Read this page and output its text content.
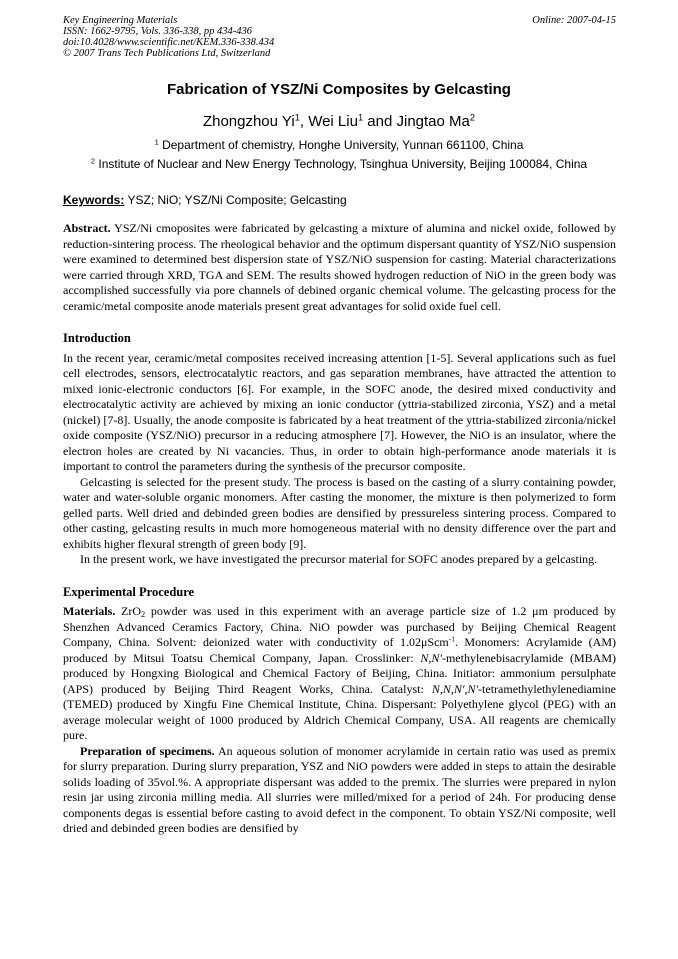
Key Engineering Materials
ISSN: 1662-9795, Vols. 336-338, pp 434-436
doi:10.4028/www.scientific.net/KEM.336-338.434
© 2007 Trans Tech Publications Ltd, Switzerland
Online: 2007-04-15
Fabrication of YSZ/Ni Composites by Gelcasting
Zhongzhou Yi$^1$, Wei Liu$^1$ and Jingtao Ma$^2$
$^1$ Department of chemistry, Honghe University, Yunnan 661100, China
$^2$ Institute of Nuclear and New Energy Technology, Tsinghua University, Beijing 100084, China
Keywords: YSZ; NiO; YSZ/Ni Composite; Gelcasting

Abstract. YSZ/Ni cmoposites were fabricated by gelcasting a mixture of alumina and nickel oxide, followed by reduction-sintering process. The rheological behavior and the optimum dispersant quantity of YSZ/NiO suspension were examined to determined best dispersion state of YSZ/NiO suspension for casting. Material characterizations were carried through XRD, TGA and SEM. The results showed hydrogen reduction of NiO in the green body was accomplished successfully via pore channels of debined organic chemical volume. The gelcasting process for the ceramic/metal composite anode materials present great advantages for solid oxide fuel cell.

Introduction

In the recent year, ceramic/metal composites received increasing attention [1-5]. Several applications such as fuel cell electrodes, sensors, electrocatalytic reactors, and gas separation membranes, have attracted the attention to mixed ionic-electronic conductors [6]. For example, in the SOFC anode, the desired mixed conductivity and electrocatalytic activity are achieved by mixing an ionic conductor (yttria-stabilized zirconia, YSZ) and a metal (nickel) [7-8]. Usually, the anode composite is fabricated by a heat treatment of the yttria-stabilized zirconia/nickel oxide composite (YSZ/NiO) precursor in a reducing atmosphere [7]. However, the NiO is an insulator, where the electron holes are created by Ni vacancies. Thus, in order to obtain high-performance anode materials it is important to control the parameters during the synthesis of the precursor composite.

Gelcasting is selected for the present study. The process is based on the casting of a slurry containing powder, water and water-soluble organic monomers. After casting the monomer, the mixture is then polymerized to form gelled parts. Well dried and debinded green bodies are densified by pressureless sintering process. Compared to other casting, gelcasting results in much more homogeneous material with no density difference over the part and exhibits higher flexural strength of green body [9].

In the present work, we have investigated the precursor material for SOFC anodes prepared by a gelcasting.

Experimental Procedure

Materials. ZrO$_2$ powder was used in this experiment with an average particle size of 1.2 μm produced by Shenzhen Advanced Ceramics Factory, China. NiO powder was purchased by Beijing Chemical Reagent Company, China. Solvent: deionized water with conductivity of 1.02μScm$^{-1}$. Monomers: Acrylamide (AM) produced by Mitsui Toatsu Chemical Company, Japan. Crosslinker: N,N'-methylenebisacrylamide (MBAM) produced by Hongxing Biological and Chemical Factory of Beijing, China. Initiator: ammonium persulphate (APS) produced by Beijing Third Reagent Works, China. Catalyst: N,N,N',N'-tetramethylethylenediamine (TEMED) produced by Xingfu Fine Chemical Institute, China. Dispersant: Polyethylene glycol (PEG) with an average molecular weight of 1000 produced by Aldrich Chemical Company, USA. All reagents are chemically pure.

Preparation of specimens. An aqueous solution of monomer acrylamide in certain ratio was used as premix for slurry preparation. During slurry preparation, YSZ and NiO powders were added in steps to attain the desirable solids loading of 35vol.%. A appropriate dispersant was added to the premix. The slurries were prepared in nylon resin jar using zirconia milling media. All slurries were milled/mixed for a period of 24h. For producing dense components degas is essential before casting to avoid defect in the component. To obtain YSZ/Ni composite, well dried and debinded green bodies are densified by
